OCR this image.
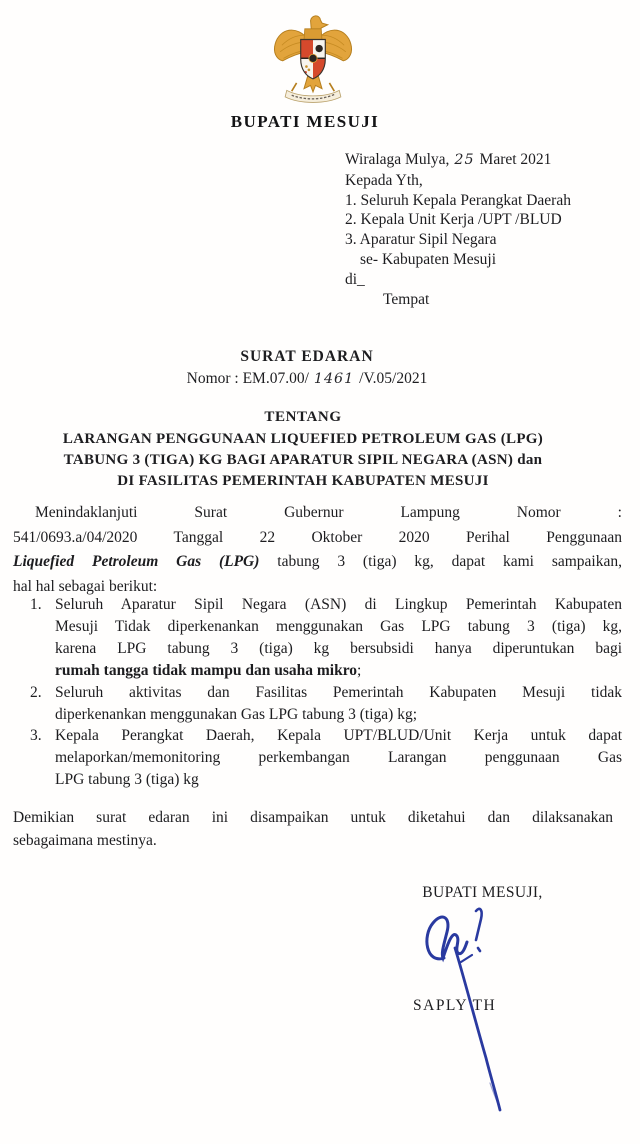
BUPATI MESUJI
Wiralaga Mulya, 25 Maret 2021
Kepada Yth,
1. Seluruh Kepala Perangkat Daerah
2. Kepala Unit Kerja /UPT /BLUD
3. Aparatur Sipil Negara
se- Kabupaten Mesuji
di_
Tempat
SURAT EDARAN
Nomor : EM.07.00/ 1461 /V.05/2021
TENTANG
LARANGAN PENGGUNAAN LIQUEFIED PETROLEUM GAS (LPG)
TABUNG 3 (TIGA) KG BAGI APARATUR SIPIL NEGARA (ASN) dan
DI FASILITAS PEMERINTAH KABUPATEN MESUJI
Menindaklanjuti Surat Gubernur Lampung Nomor :
541/0693.a/04/2020 Tanggal 22 Oktober 2020 Perihal Penggunaan
Liquefied Petroleum Gas (LPG) tabung 3 (tiga) kg, dapat kami sampaikan,
hal hal sebagai berikut:
1. Seluruh Aparatur Sipil Negara (ASN) di Lingkup Pemerintah Kabupaten
Mesuji Tidak diperkenankan menggunakan Gas LPG tabung 3 (tiga) kg,
karena LPG tabung 3 (tiga) kg bersubsidi hanya diperuntukan bagi
rumah tangga tidak mampu dan usaha mikro;
2. Seluruh aktivitas dan Fasilitas Pemerintah Kabupaten Mesuji tidak
diperkenankan menggunakan Gas LPG tabung 3 (tiga) kg;
3. Kepala Perangkat Daerah, Kepala UPT/BLUD/Unit Kerja untuk dapat
melaporkan/memonitoring perkembangan Larangan penggunaan Gas
LPG tabung 3 (tiga) kg
Demikian surat edaran ini disampaikan untuk diketahui dan dilaksanakan
sebagaimana mestinya.
BUPATI MESUJI,
SAPLY TH
